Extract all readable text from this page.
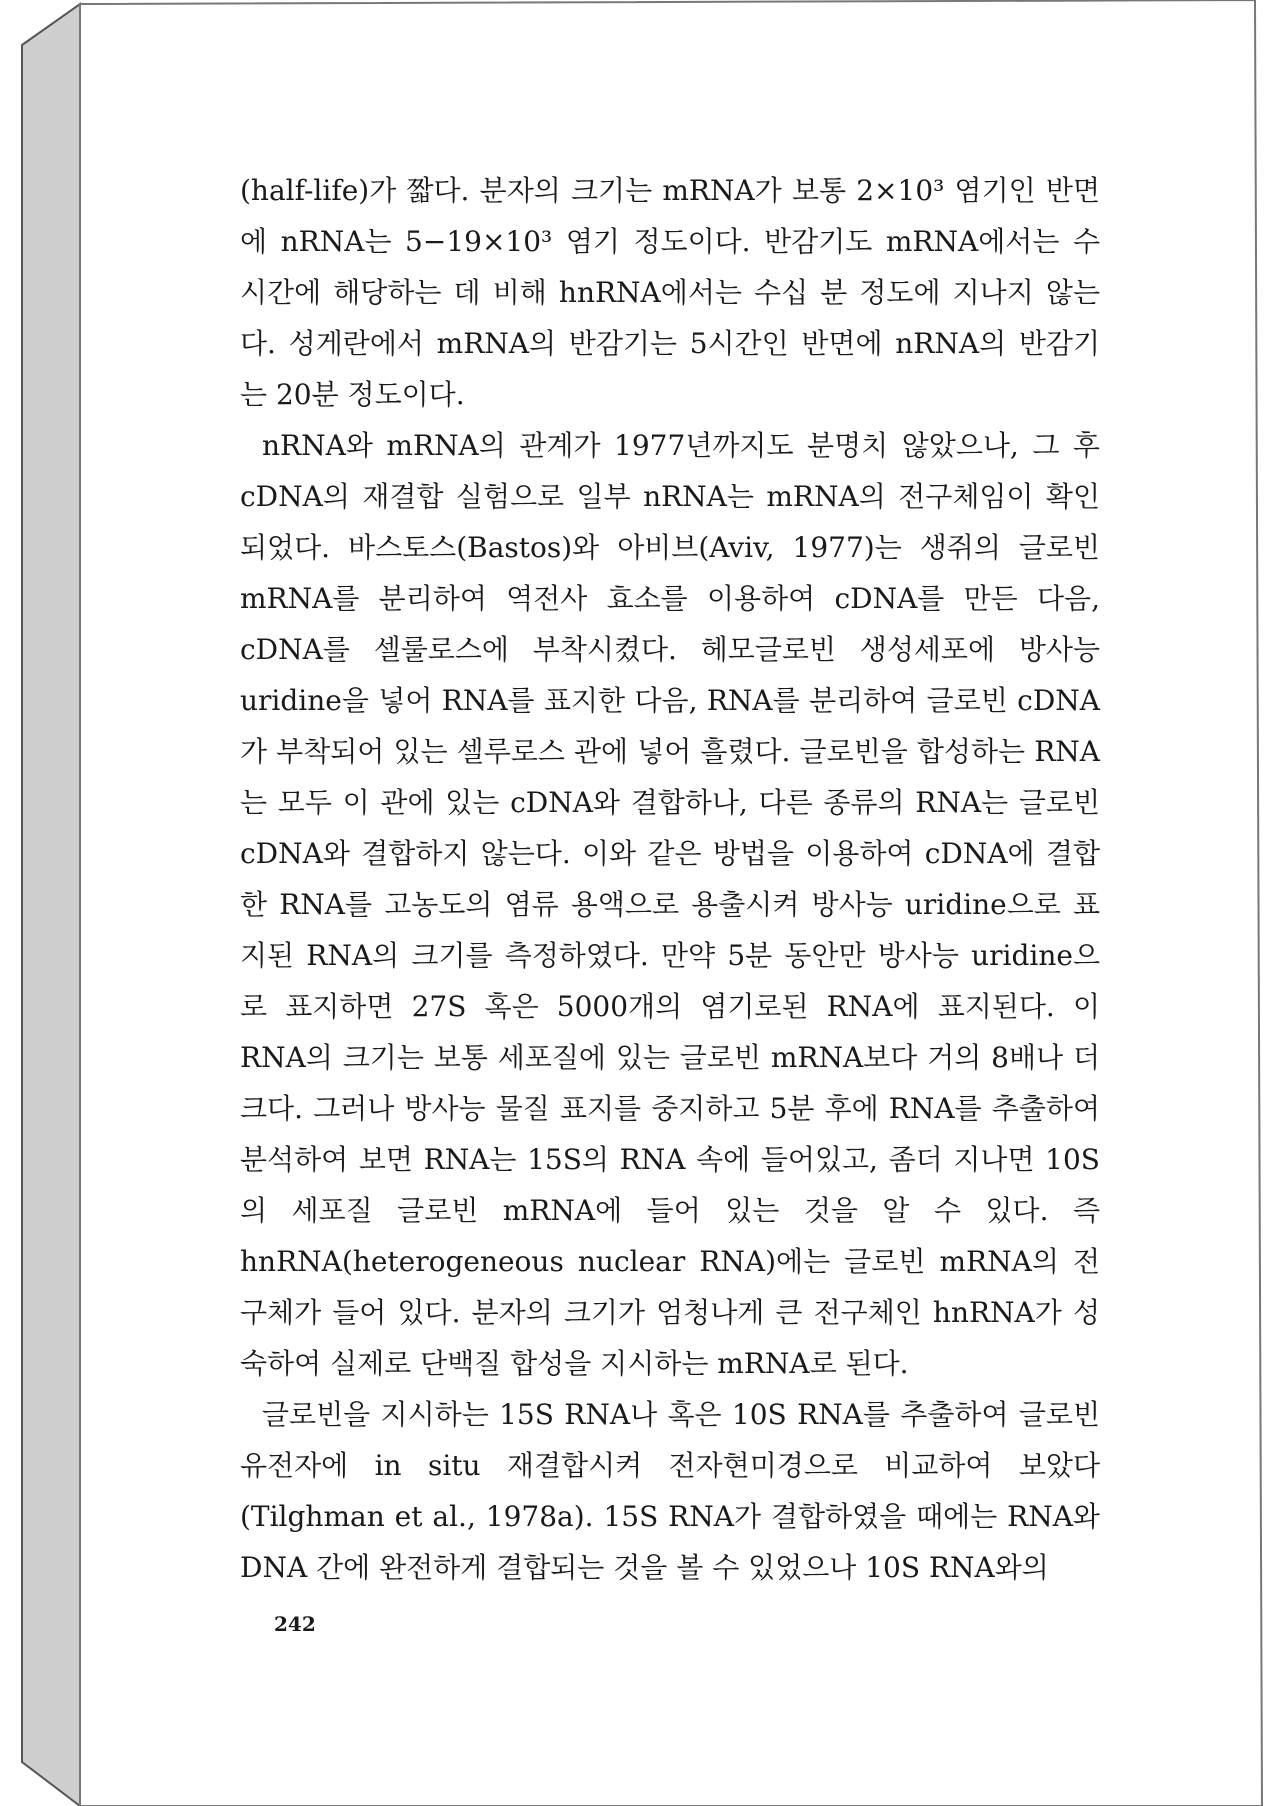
(half-life)가 짧다. 분자의 크기는 mRNA가 보통 2×10³ 염기인 반면에 nRNA는 5−19×10³ 염기 정도이다. 반감기도 mRNA에서는 수 시간에 해당하는 데 비해 hnRNA에서는 수십 분 정도에 지나지 않는다. 성게란에서 mRNA의 반감기는 5시간인 반면에 nRNA의 반감기는 20분 정도이다.

nRNA와 mRNA의 관계가 1977년까지도 분명치 않았으나, 그 후 cDNA의 재결합 실험으로 일부 nRNA는 mRNA의 전구체임이 확인되었다. 바스토스(Bastos)와 아비브(Aviv, 1977)는 생쥐의 글로빈 mRNA를 분리하여 역전사 효소를 이용하여 cDNA를 만든 다음, cDNA를 셀룰로스에 부착시켰다. 헤모글로빈 생성세포에 방사능 uridine을 넣어 RNA를 표지한 다음, RNA를 분리하여 글로빈 cDNA가 부착되어 있는 셀루로스 관에 넣어 흘렸다. 글로빈을 합성하는 RNA는 모두 이 관에 있는 cDNA와 결합하나, 다른 종류의 RNA는 글로빈 cDNA와 결합하지 않는다. 이와 같은 방법을 이용하여 cDNA에 결합한 RNA를 고농도의 염류 용액으로 용출시켜 방사능 uridine으로 표지된 RNA의 크기를 측정하였다. 만약 5분 동안만 방사능 uridine으로 표지하면 27S 혹은 5000개의 염기로된 RNA에 표지된다. 이 RNA의 크기는 보통 세포질에 있는 글로빈 mRNA보다 거의 8배나 더 크다. 그러나 방사능 물질 표지를 중지하고 5분 후에 RNA를 추출하여 분석하여 보면 RNA는 15S의 RNA 속에 들어있고, 좀더 지나면 10S의 세포질 글로빈 mRNA에 들어 있는 것을 알 수 있다. 즉 hnRNA(heterogeneous nuclear RNA)에는 글로빈 mRNA의 전구체가 들어 있다. 분자의 크기가 엄청나게 큰 전구체인 hnRNA가 성숙하여 실제로 단백질 합성을 지시하는 mRNA로 된다.

글로빈을 지시하는 15S RNA나 혹은 10S RNA를 추출하여 글로빈유전자에 in situ 재결합시켜 전자현미경으로 비교하여 보았다(Tilghman et al., 1978a). 15S RNA가 결합하였을 때에는 RNA와 DNA 간에 완전하게 결합되는 것을 볼 수 있었으나 10S RNA와의

242
